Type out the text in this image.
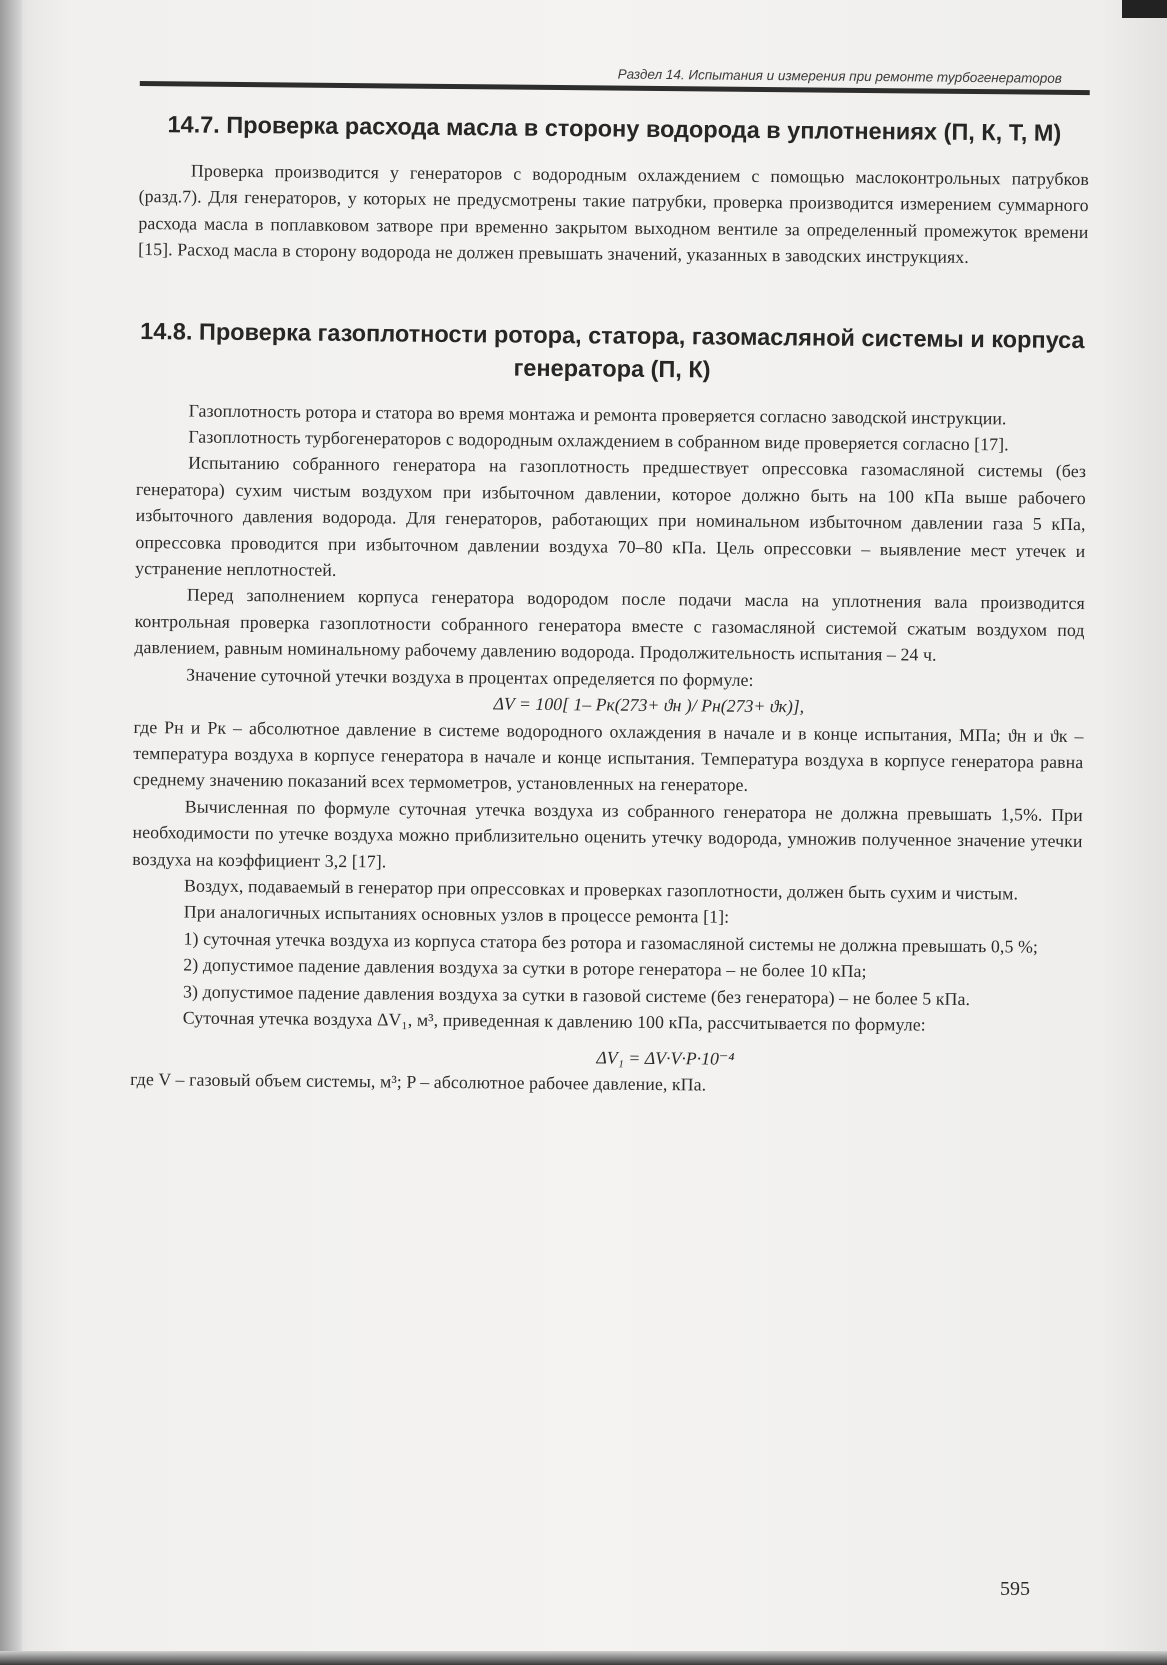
Раздел 14. Испытания и измерения при ремонте турбогенераторов
14.7. Проверка расхода масла в сторону водорода в уплотнениях (П, К, Т, М)

Проверка производится у генераторов с водородным охлаждением с помощью маслоконтрольных патрубков (разд.7). Для генераторов, у которых не предусмотрены такие патрубки, проверка производится измерением суммарного расхода масла в поплавковом затворе при временно закрытом выходном вентиле за определенный промежуток времени [15]. Расход масла в сторону водорода не должен превышать значений, указанных в заводских инструкциях.

14.8. Проверка газоплотности ротора, статора, газомасляной системы и корпуса генератора (П, К)

Газоплотность ротора и статора во время монтажа и ремонта проверяется согласно заводской инструкции.

Газоплотность турбогенераторов с водородным охлаждением в собранном виде проверяется согласно [17].

Испытанию собранного генератора на газоплотность предшествует опрессовка газомасляной системы (без генератора) сухим чистым воздухом при избыточном давлении, которое должно быть на 100 кПа выше рабочего избыточного давления водорода. Для генераторов, работающих при номинальном избыточном давлении газа 5 кПа, опрессовка проводится при избыточном давлении воздуха 70–80 кПа. Цель опрессовки – выявление мест утечек и устранение неплотностей.

Перед заполнением корпуса генератора водородом после подачи масла на уплотнения вала производится контрольная проверка газоплотности собранного генератора вместе с газомасляной системой сжатым воздухом под давлением, равным номинальному рабочему давлению водорода. Продолжительность испытания – 24 ч.

Значение суточной утечки воздуха в процентах определяется по формуле:

ΔV = 100[ 1– Pк(273+ ϑн )/ Pн(273+ ϑк)],

где Pн и Pк – абсолютное давление в системе водородного охлаждения в начале и в конце испытания, МПа; ϑн и ϑк – температура воздуха в корпусе генератора в начале и конце испытания. Температура воздуха в корпусе генератора равна среднему значению показаний всех термометров, установленных на генераторе.

Вычисленная по формуле суточная утечка воздуха из собранного генератора не должна превышать 1,5%. При необходимости по утечке воздуха можно приблизительно оценить утечку водорода, умножив полученное значение утечки воздуха на коэффициент 3,2 [17].

Воздух, подаваемый в генератор при опрессовках и проверках газоплотности, должен быть сухим и чистым.

При аналогичных испытаниях основных узлов в процессе ремонта [1]:

1) суточная утечка воздуха из корпуса статора без ротора и газомасляной системы не должна превышать 0,5 %;

2) допустимое падение давления воздуха за сутки в роторе генератора – не более 10 кПа;

3) допустимое падение давления воздуха за сутки в газовой системе (без генератора) – не более 5 кПа.

Суточная утечка воздуха ΔV₁, м³, приведенная к давлению 100 кПа, рассчитывается по формуле:

ΔV₁ = ΔV·V·P·10⁻⁴

где V – газовый объем системы, м³; P – абсолютное рабочее давление, кПа.

595
